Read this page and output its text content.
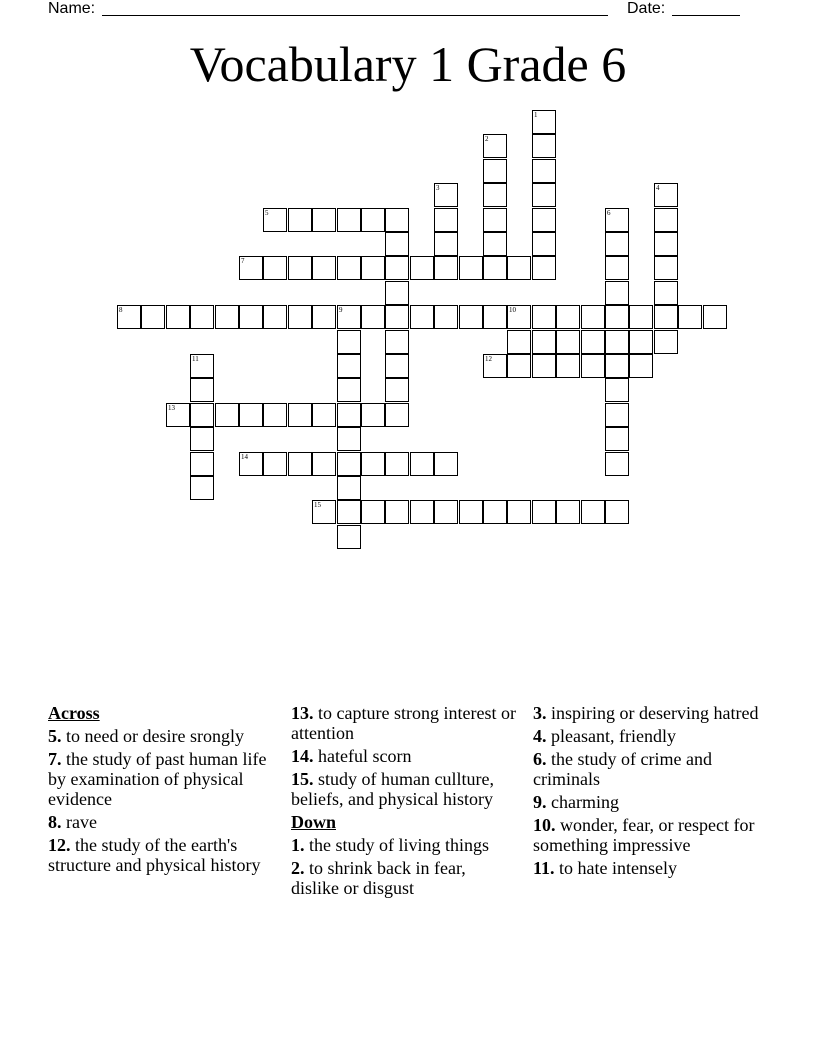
Name:	Date:
Vocabulary 1 Grade 6
1
2
3	4
5	6
7
8	9	10
11	12
13
14
15
Across
5. to need or desire srongly
7. the study of past human life by examination of physical evidence
8. rave
12. the study of the earth's structure and physical history
13. to capture strong interest or attention
14. hateful scorn
15. study of human cullture, beliefs, and physical history
Down
1. the study of living things
2. to shrink back in fear, dislike or disgust
3. inspiring or deserving hatred
4. pleasant, friendly
6. the study of crime and criminals
9. charming
10. wonder, fear, or respect for something impressive
11. to hate intensely
